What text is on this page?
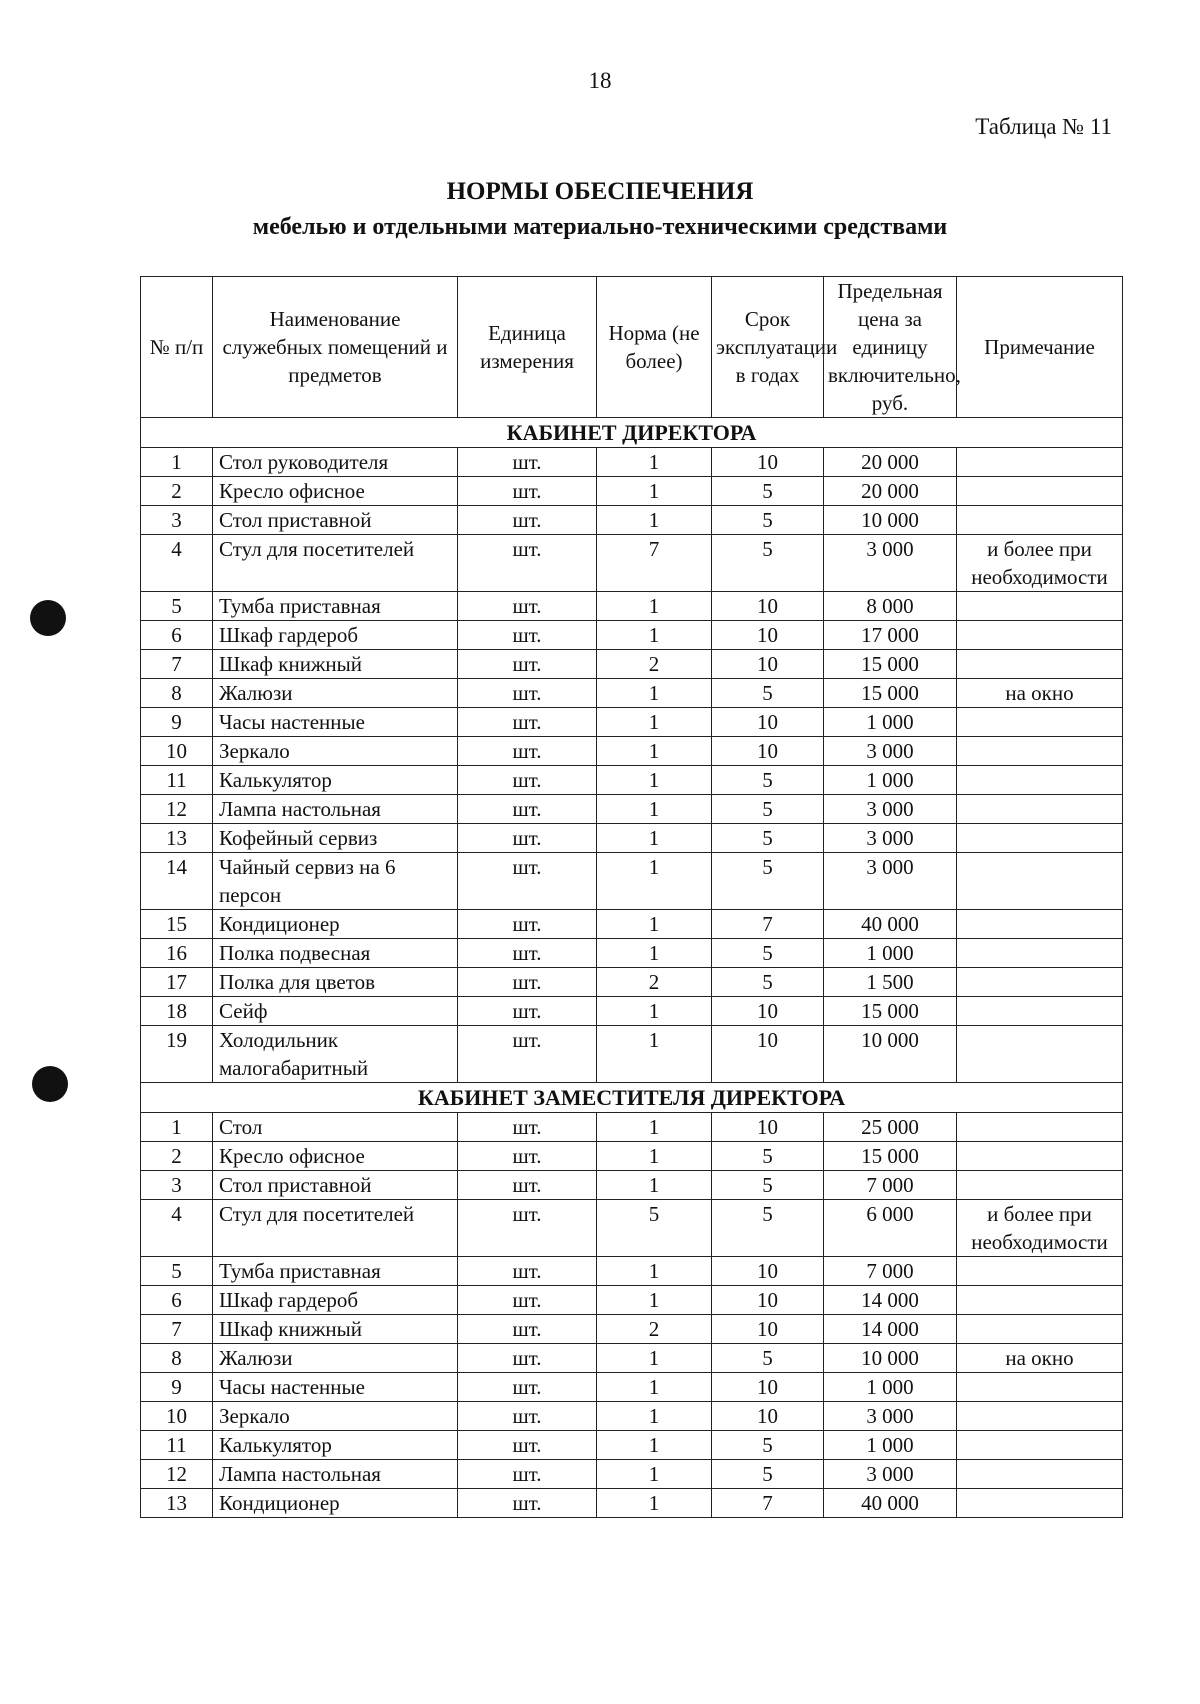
18
Таблица № 11
НОРМЫ ОБЕСПЕЧЕНИЯ
мебелью и отдельными материально-техническими средствами
№ п/п	Наименование служебных помещений и предметов	Единица измерения	Норма (не более)	Срок эксплуатации в годах	Предельная цена за единицу включительно, руб.	Примечание
КАБИНЕТ ДИРЕКТОРА						
1	Стол руководителя	шт.	1	10	20 000	
2	Кресло офисное	шт.	1	5	20 000	
3	Стол приставной	шт.	1	5	10 000	
4	Стул для посетителей	шт.	7	5	3 000	и более при необходимости
5	Тумба приставная	шт.	1	10	8 000	
6	Шкаф гардероб	шт.	1	10	17 000	
7	Шкаф книжный	шт.	2	10	15 000	
8	Жалюзи	шт.	1	5	15 000	на окно
9	Часы настенные	шт.	1	10	1 000	
10	Зеркало	шт.	1	10	3 000	
11	Калькулятор	шт.	1	5	1 000	
12	Лампа настольная	шт.	1	5	3 000	
13	Кофейный сервиз	шт.	1	5	3 000	
14	Чайный сервиз на 6 персон	шт.	1	5	3 000	
15	Кондиционер	шт.	1	7	40 000	
16	Полка подвесная	шт.	1	5	1 000	
17	Полка для цветов	шт.	2	5	1 500	
18	Сейф	шт.	1	10	15 000	
19	Холодильник малогабаритный	шт.	1	10	10 000	
КАБИНЕТ ЗАМЕСТИТЕЛЯ ДИРЕКТОРА						
1	Стол	шт.	1	10	25 000	
2	Кресло офисное	шт.	1	5	15 000	
3	Стол приставной	шт.	1	5	7 000	
4	Стул для посетителей	шт.	5	5	6 000	и более при необходимости
5	Тумба приставная	шт.	1	10	7 000	
6	Шкаф гардероб	шт.	1	10	14 000	
7	Шкаф книжный	шт.	2	10	14 000	
8	Жалюзи	шт.	1	5	10 000	на окно
9	Часы настенные	шт.	1	10	1 000	
10	Зеркало	шт.	1	10	3 000	
11	Калькулятор	шт.	1	5	1 000	
12	Лампа настольная	шт.	1	5	3 000	
13	Кондиционер	шт.	1	7	40 000	
